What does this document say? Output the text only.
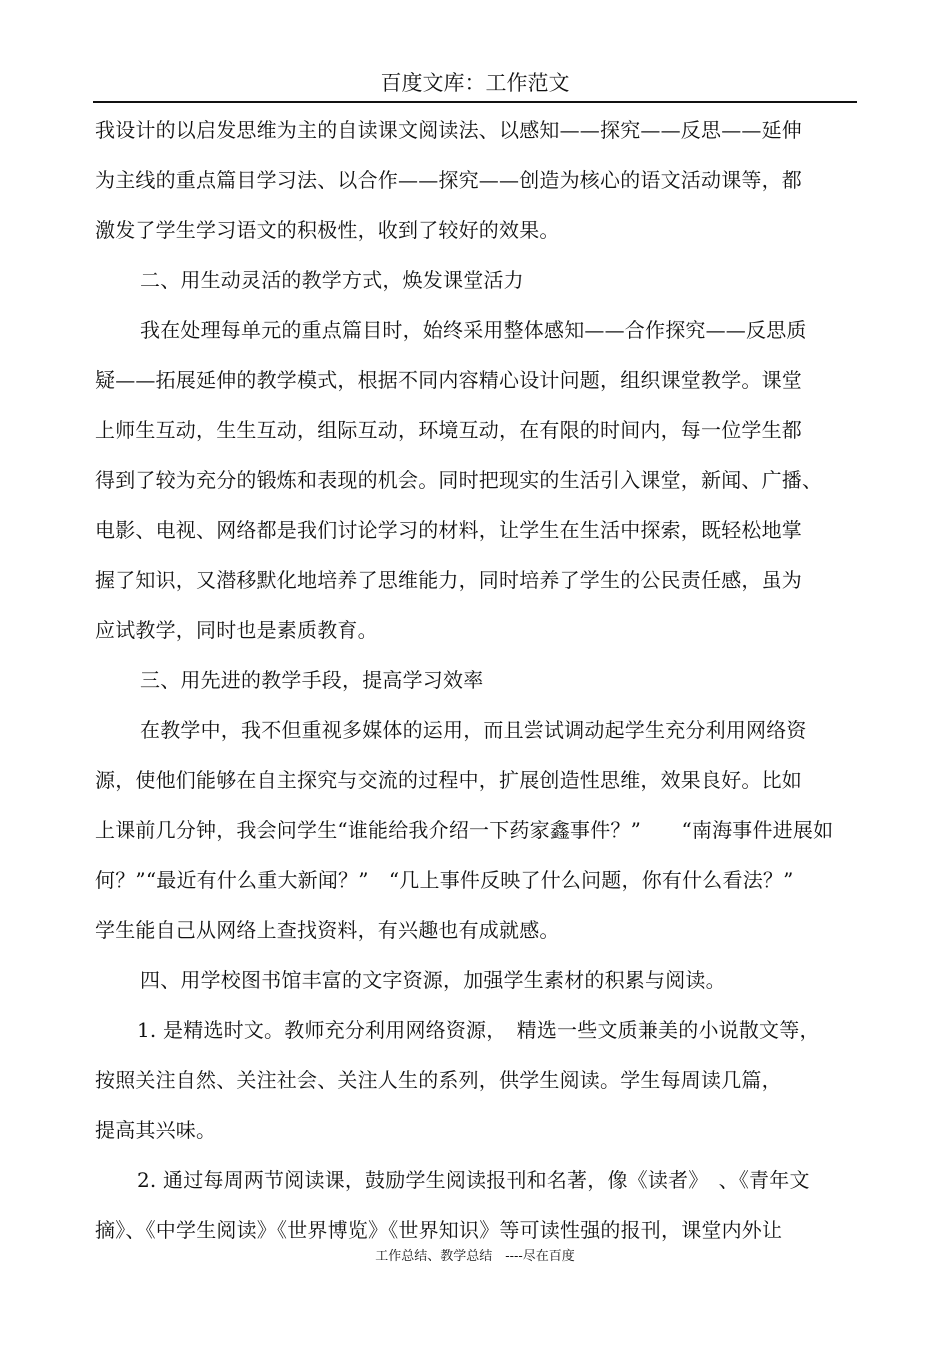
百度文库：工作范文
我设计的以启发思维为主的自读课文阅读法、以感知——探究——反思——延伸
为主线的重点篇目学习法、以合作——探究——创造为核心的语文活动课等，都
激发了学生学习语文的积极性，收到了较好的效果。
二、用生动灵活的教学方式，焕发课堂活力
我在处理每单元的重点篇目时，始终采用整体感知——合作探究——反思质
疑——拓展延伸的教学模式，根据不同内容精心设计问题，组织课堂教学。课堂
上师生互动，生生互动，组际互动，环境互动，在有限的时间内，每一位学生都
得到了较为充分的锻炼和表现的机会。同时把现实的生活引入课堂，新闻、广播、
电影、电视、网络都是我们讨论学习的材料，让学生在生活中探索，既轻松地掌
握了知识，又潜移默化地培养了思维能力，同时培养了学生的公民责任感，虽为
应试教学，同时也是素质教育。
三、用先进的教学手段，提高学习效率
在教学中，我不但重视多媒体的运用，而且尝试调动起学生充分利用网络资
源，使他们能够在自主探究与交流的过程中，扩展创造性思维，效果良好。比如
上课前几分钟，我会问学生“谁能给我介绍一下药家鑫事件？”　　“南海事件进展如
何？”“最近有什么重大新闻？”　“几上事件反映了什么问题，你有什么看法？”
学生能自己从网络上查找资料，有兴趣也有成就感。
四、用学校图书馆丰富的文字资源，加强学生素材的积累与阅读。
1. 是精选时文。教师充分利用网络资源，　精选一些文质兼美的小说散文等，
按照关注自然、关注社会、关注人生的系列，供学生阅读。学生每周读几篇，
提高其兴味。
2. 通过每周两节阅读课，鼓励学生阅读报刊和名著，像《读者》　、《青年文
摘》、《中学生阅读》《世界博览》《世界知识》等可读性强的报刊，课堂内外让
工作总结、教学总结　----尽在百度
